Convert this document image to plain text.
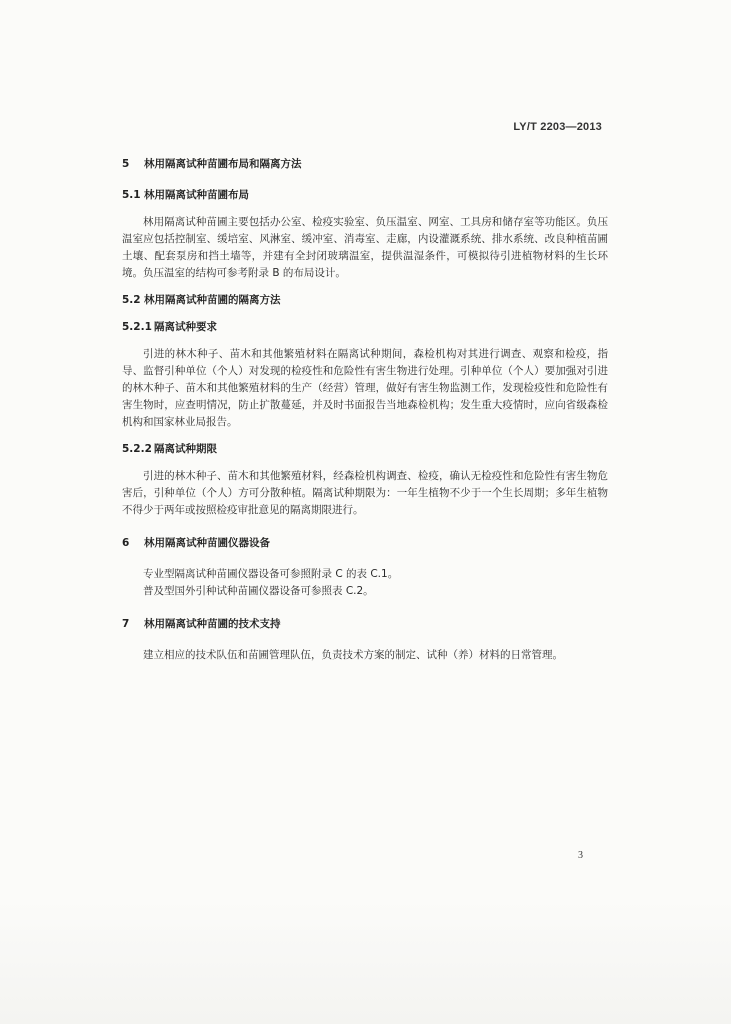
LY/T 2203—2013

5 林用隔离试种苗圃布局和隔离方法

5.1 林用隔离试种苗圃布局

林用隔离试种苗圃主要包括办公室、检疫实验室、负压温室、网室、工具房和储存室等功能区。负压温室应包括控制室、缓培室、风淋室、缓冲室、消毒室、走廊，内设灌溉系统、排水系统、改良种植苗圃土壤、配套泵房和挡土墙等，并建有全封闭玻璃温室，提供温湿条件，可模拟待引进植物材料的生长环境。负压温室的结构可参考附录 B 的布局设计。

5.2 林用隔离试种苗圃的隔离方法

5.2.1 隔离试种要求

引进的林木种子、苗木和其他繁殖材料在隔离试种期间，森检机构对其进行调查、观察和检疫，指导、监督引种单位（个人）对发现的检疫性和危险性有害生物进行处理。引种单位（个人）要加强对引进的林木种子、苗木和其他繁殖材料的生产（经营）管理，做好有害生物监测工作，发现检疫性和危险性有害生物时，应查明情况，防止扩散蔓延，并及时书面报告当地森检机构；发生重大疫情时，应向省级森检机构和国家林业局报告。

5.2.2 隔离试种期限

引进的林木种子、苗木和其他繁殖材料，经森检机构调查、检疫，确认无检疫性和危险性有害生物危害后，引种单位（个人）方可分散种植。隔离试种期限为：一年生植物不少于一个生长周期；多年生植物不得少于两年或按照检疫审批意见的隔离期限进行。

6 林用隔离试种苗圃仪器设备

专业型隔离试种苗圃仪器设备可参照附录 C 的表 C.1。

普及型国外引种试种苗圃仪器设备可参照表 C.2。

7 林用隔离试种苗圃的技术支持

建立相应的技术队伍和苗圃管理队伍，负责技术方案的制定、试种（养）材料的日常管理。

3
